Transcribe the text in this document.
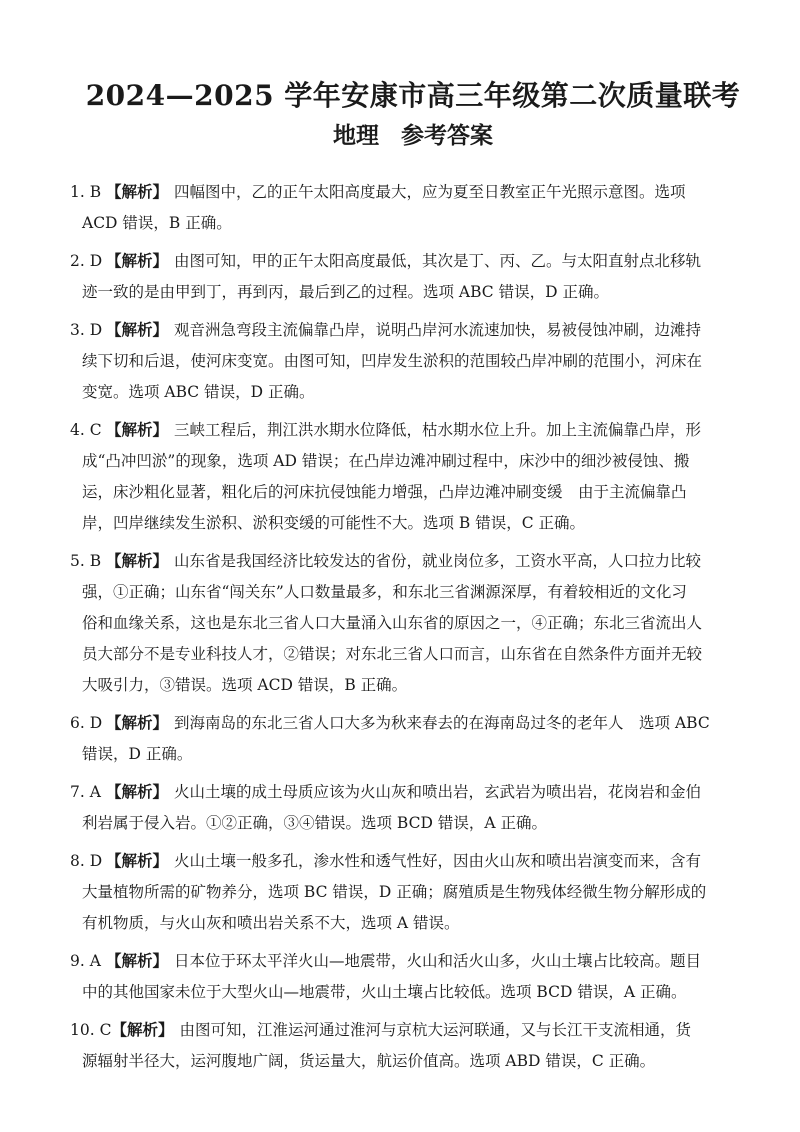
2024—2025 学年安康市高三年级第二次质量联考
地理 参考答案

1. B 【解析】 四幅图中，乙的正午太阳高度最大，应为夏至日教室正午光照示意图。选项

ACD 错误，B 正确。

2. D 【解析】 由图可知，甲的正午太阳高度最低，其次是丁、丙、乙。与太阳直射点北移轨

迹一致的是由甲到丁，再到丙，最后到乙的过程。选项 ABC 错误，D 正确。

3. D 【解析】 观音洲急弯段主流偏靠凸岸，说明凸岸河水流速加快，易被侵蚀冲刷，边滩持

续下切和后退，使河床变宽。由图可知，凹岸发生淤积的范围较凸岸冲刷的范围小，河床在

变宽。选项 ABC 错误，D 正确。

4. C 【解析】 三峡工程后，荆江洪水期水位降低，枯水期水位上升。加上主流偏靠凸岸，形

成“凸冲凹淤”的现象，选项 AD 错误；在凸岸边滩冲刷过程中，床沙中的细沙被侵蚀、搬

运，床沙粗化显著，粗化后的河床抗侵蚀能力增强，凸岸边滩冲刷变缓　由于主流偏靠凸

岸，凹岸继续发生淤积、淤积变缓的可能性不大。选项 B 错误，C 正确。

5. B 【解析】 山东省是我国经济比较发达的省份，就业岗位多，工资水平高，人口拉力比较

强，①正确；山东省“闯关东”人口数量最多，和东北三省渊源深厚，有着较相近的文化习

俗和血缘关系，这也是东北三省人口大量涌入山东省的原因之一，④正确；东北三省流出人

员大部分不是专业科技人才，②错误；对东北三省人口而言，山东省在自然条件方面并无较

大吸引力，③错误。选项 ACD 错误，B 正确。

6. D 【解析】 到海南岛的东北三省人口大多为秋来春去的在海南岛过冬的老年人　选项 ABC

错误，D 正确。

7. A 【解析】 火山土壤的成土母质应该为火山灰和喷出岩，玄武岩为喷出岩，花岗岩和金伯

利岩属于侵入岩。①②正确，③④错误。选项 BCD 错误，A 正确。

8. D 【解析】 火山土壤一般多孔，渗水性和透气性好，因由火山灰和喷出岩演变而来，含有

大量植物所需的矿物养分，选项 BC 错误，D 正确；腐殖质是生物残体经微生物分解形成的

有机物质，与火山灰和喷出岩关系不大，选项 A 错误。

9. A 【解析】 日本位于环太平洋火山—地震带，火山和活火山多，火山土壤占比较高。题目

中的其他国家未位于大型火山—地震带，火山土壤占比较低。选项 BCD 错误，A 正确。

10. C【解析】 由图可知，江淮运河通过淮河与京杭大运河联通，又与长江干支流相通，货

源辐射半径大，运河腹地广阔，货运量大，航运价值高。选项 ABD 错误，C 正确。
